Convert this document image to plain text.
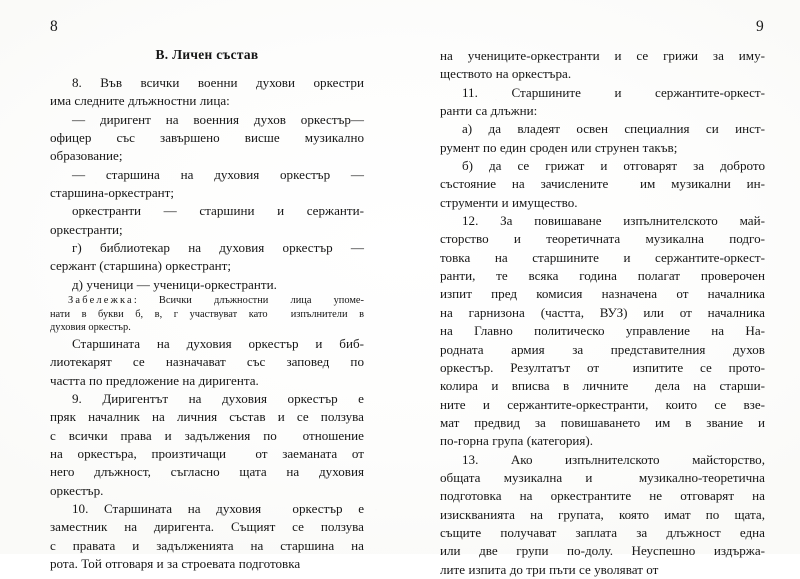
8
В. Личен състав
8. Във всички военни духови оркестри
има следните длъжностни лица:
— диригент на военния духов оркестър—
офицер със завършено висше музикално
образование;
— старшина на духовия оркестър —
старшина-оркестрант;
оркестранти — старшини и сержанти-
оркестранти;
г) библиотекар на духовия оркестър —
сержант (старшина) оркестрант;
д) ученици — ученици-оркестранти.
Забележка: Всички длъжностни лица упоме-
нати в букви б, в, г участвуват като  изпълнители в
духовия оркестър.
Старшината на духовия оркестър и биб-
лиотекарят се назначават със заповед по
частта по предложение на диригента.
9. Диригентът на духовия оркестър е
пряк началник на личния състав и се ползува
с всички права и задължения по  отношение
на оркестъра, произтичащи  от заеманата от
него длъжност, съгласно щата на духовия
оркестър.
10. Старшината на духовия  оркестър е
заместник на диригента. Същият се ползува
с правата и задълженията на старшина на
рота. Той отговаря и за строевата подготовка
9
на учениците-оркестранти и се грижи за иму-
ществото на оркестъра.
11. Старшините и сержантите-оркест-
ранти са длъжни:
а) да владеят освен специалния си инст-
румент по един сроден или струнен такъв;
б) да се грижат и отговарят за доброто
състояние на зачислените  им музикални ин-
струменти и имущество.
12. За повишаване изпълнителското май-
сторство и теоретичната музикална подго-
товка на старшините и сержантите-оркест-
ранти, те всяка година полагат проверочен
изпит пред комисия назначена от началника
на гарнизона (частта, ВУЗ) или от началника
на Главно политическо управление на На-
родната армия за представителния духов
оркестър. Резултатът от  изпитите се прото-
колира и вписва в личните  дела на старши-
ните и сержантите-оркестранти, които се взе-
мат предвид за повишаването им в звание и
по-горна група (категория).
13. Ако изпълнителското майсторство,
общата музикална и  музикално-теоретична
подготовка на оркестрантите не отговарят на
изискванията на групата, която имат по щата,
същите получават заплата за длъжност една
или две групи по-долу. Неуспешно издържа-
лите изпита до три пъти се уволяват от
